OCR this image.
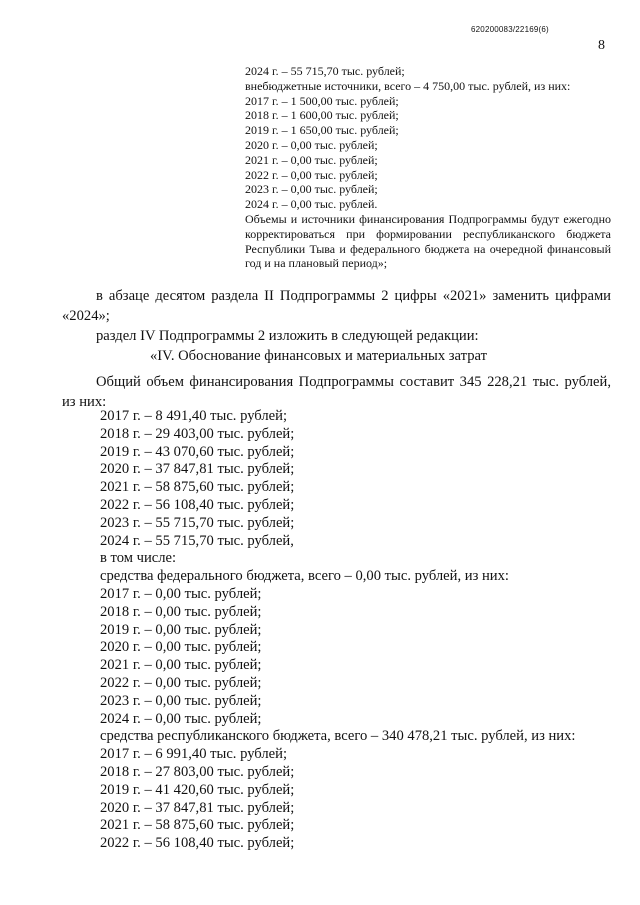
620200083/22169(6)
8
2024 г. – 55 715,70 тыс. рублей;
внебюджетные источники, всего – 4 750,00 тыс. рублей, из них:
2017 г. – 1 500,00 тыс. рублей;
2018 г. – 1 600,00 тыс. рублей;
2019 г. – 1 650,00 тыс. рублей;
2020 г. – 0,00 тыс. рублей;
2021 г. – 0,00 тыс. рублей;
2022 г. – 0,00 тыс. рублей;
2023 г. – 0,00 тыс. рублей;
2024 г. – 0,00 тыс. рублей.
Объемы и источники финансирования Подпрограммы будут ежегодно корректироваться при формировании республиканского бюджета Республики Тыва и федерального бюджета на очередной финансовый год и на плановый период»;
в абзаце десятом раздела II Подпрограммы 2 цифры «2021» заменить цифрами «2024»;
раздел IV Подпрограммы 2 изложить в следующей редакции:
«IV. Обоснование финансовых и материальных затрат
Общий объем финансирования Подпрограммы составит 345 228,21 тыс. рублей, из них:
2017 г. – 8 491,40 тыс. рублей;
2018 г. – 29 403,00 тыс. рублей;
2019 г. – 43 070,60 тыс. рублей;
2020 г. – 37 847,81 тыс. рублей;
2021 г. – 58 875,60 тыс. рублей;
2022 г. – 56 108,40 тыс. рублей;
2023 г. – 55 715,70 тыс. рублей;
2024 г. – 55 715,70 тыс. рублей,
в том числе:
средства федерального бюджета, всего – 0,00 тыс. рублей, из них:
2017 г. – 0,00 тыс. рублей;
2018 г. – 0,00 тыс. рублей;
2019 г. – 0,00 тыс. рублей;
2020 г. – 0,00 тыс. рублей;
2021 г. – 0,00 тыс. рублей;
2022 г. – 0,00 тыс. рублей;
2023 г. – 0,00 тыс. рублей;
2024 г. – 0,00 тыс. рублей;
средства республиканского бюджета, всего – 340 478,21 тыс. рублей, из них:
2017 г. – 6 991,40 тыс. рублей;
2018 г. – 27 803,00 тыс. рублей;
2019 г. – 41 420,60 тыс. рублей;
2020 г. – 37 847,81 тыс. рублей;
2021 г. – 58 875,60 тыс. рублей;
2022 г. – 56 108,40 тыс. рублей;
